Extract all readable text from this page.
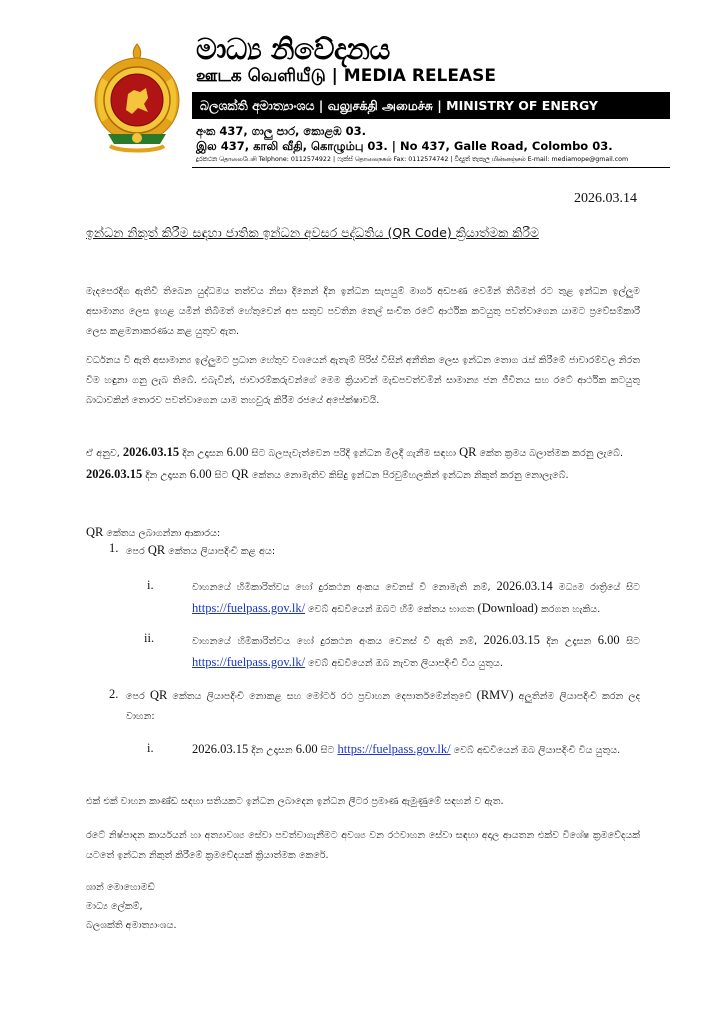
මාධ්‍ය නිවේදනය
ஊடக வெளியீடு | MEDIA RELEASE
බලශක්ති අමාත්‍යාංශය | வலுசக்தி அமைச்சு | MINISTRY OF ENERGY
අංක 437, ගාලු පාර, කොළඹ 03.
இல 437, காலி வீதி, கொழும்பு 03. | No 437, Galle Road, Colombo 03.
දුරකථන தொலைபேசி Telphone: 0112574922 | ෆැක්ස් தொலைநகல் Fax: 0112574742 | විද්‍යුත් තැපෑල மின்னஞ்சல் E-mail: mediamope@gmail.com
2026.03.14
ඉන්ධන නිකුත් කිරීම සඳහා ජාතික ඉන්ධන අවසර පද්ධතිය (QR Code) ක්‍රියාත්මක කිරීම
මැදපෙරදිග ඇතිවී තිබෙන යුද්ධමය තත්වය නිසා දිනෙන් දින ඉන්ධන සැපයුම් මාර්ග අඩපණ වෙමින් තිබීමත් රට තුළ ඉන්ධන ඉල්ලුම අසාමාන්‍ය ලෙස ඉහළ යමින් තිබීමත් හේතුවෙන් අප සතුව පවතින තෙල් සංචිත රටේ ආර්ථික කටයුතු පවත්වාගෙන යාමට ප්‍රවේසම්කාරී ලෙස කළමනාකරණය කළ යුතුව ඇත.
වර්ධනය වී ඇති අසාමාන්‍ය ඉල්ලුමට ප්‍රධාන හේතුව වශයෙන් ඇතැම් පිරිස් විසින් අනීතික ලෙස ඉන්ධන තොග රැස් කිරීමේ ජාවාරම්වල නිරත වීම හඳුනා ගනු ලැබ තිබේ. එබැවින්, ජාවාරම්කරුවන්ගේ මෙම ක්‍රියාවන් මැඩපවත්වමින් සාමාන්‍ය ජන ජීවිතය සහ රටේ ආර්ථික කටයුතු බාධාවකින් තොරව පවත්වාගෙන යාම තහවුරු කිරීම රජයේ අපේක්ෂාවයි.
ඒ අනුව, 2026.03.15 දින උදෑසන 6.00 සිට බලපැවැත්වෙන පරිදි ඉන්ධන මිලදී ගැනීම සඳහා QR කේත ක්‍රමය බලාත්මක කරනු ලැබේ.
2026.03.15 දින උදෑසන 6.00 සිට QR කේතය නොමැතිව කිසිදු ඉන්ධන පිරවුම්හලකින් ඉන්ධන නිකුත් කරනු නොලැබේ.
QR කේතය ලබාගන්නා ආකාරය:
1. පෙර QR කේතය ලියාපදිංචි කළ අය:
i.	වාහනයේ හිමිකාරිත්වය හෝ දුරකථන අංකය වෙනස් වී නොමැති නම්, 2026.03.14 මධ්‍යම රාත්‍රියේ සිට https://fuelpass.gov.lk/ වෙබ් අඩවියෙන් ඔබට හිමි කේතය භාගත (Download) කරගත හැකිය.
ii.	වාහනයේ හිමිකාරිත්වය හෝ දුරකථන අංකය වෙනස් වී ඇති නම්, 2026.03.15 දින උදෑසන 6.00 සිට https://fuelpass.gov.lk/ වෙබ් අඩවියෙන් ඔබ නැවත ලියාපදිංචි විය යුතුය.
2. පෙර QR කේතය ලියාපදිංචි නොකළ සහ මෝටර් රථ ප්‍රවාහන දෙපාර්තමේන්තුවේ (RMV) අලුතින්ම ලියාපදිංචි කරන ලද වාහන:
i.	2026.03.15 දින උදෑසන 6.00 සිට https://fuelpass.gov.lk/ වෙබ් අඩවියෙන් ඔබ ලියාපදිංචි විය යුතුය.
එක් එක් වාහන කාණ්ඩ සඳහා සතියකට ඉන්ධන ලබාදෙන ඉන්ධන ලීටර ප්‍රමාණ ඇමුණුමේ සඳහන් ව ඇත.
රටේ නිෂ්පාදන කාර්යයන් හා අත්‍යාවශ්‍ය සේවා පවත්වාගැනීමට අවශ්‍ය වන රථවාහන සේවා සඳහා අදාල ආයතන එක්ව විශේෂ ක්‍රමවේදයක් යටතේ ඉන්ධන නිකුත් කිරීමේ ක්‍රමවේදයක් ක්‍රියාත්මක කෙරේ.
ශාන් මොහොමඩ්
මාධ්‍ය ලේකම්,
බලශක්ති අමාත්‍යාංශය.
